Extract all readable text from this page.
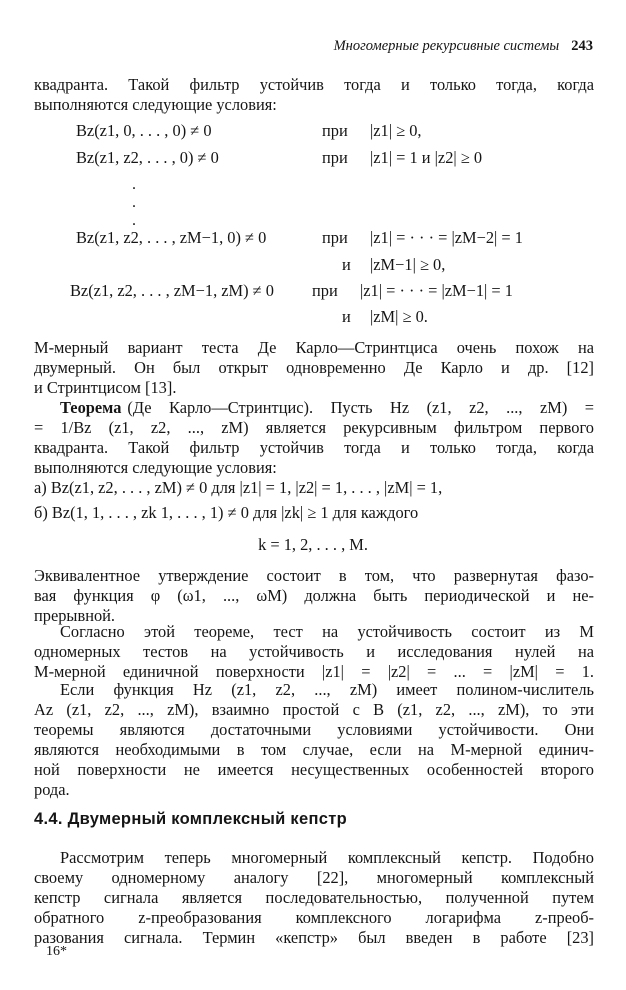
Многомерные рекурсивные системы 243
квадранта. Такой фильтр устойчив тогда и только тогда, когда
выполняются следующие условия:
Bz(z1, 0, . . . , 0) ≠ 0	при |z1| ≥ 0,
Bz(z1, z2, . . . , 0) ≠ 0	при |z1| = 1 и |z2| ≥ 0
.
.
.
Bz(z1, z2, . . . , zM−1, 0) ≠ 0	при |z1| = · · · = |zM−2| = 1
и |zM−1| ≥ 0,
Bz(z1, z2, . . . , zM−1, zM) ≠ 0 при |z1| = · · · = |zM−1| = 1
и |zM| ≥ 0.
M-мерный вариант теста Де Карло—Стринтциса очень похож на
двумерный. Он был открыт одновременно Де Карло и др. [12]
и Стринтцисом [13].
Теорема (Де Карло—Стринтцис). Пусть Hz (z1, z2, ..., zM) =
= 1/Bz (z1, z2, ..., zM) является рекурсивным фильтром первого
квадранта. Такой фильтр устойчив тогда и только тогда, когда
выполняются следующие условия:
а) Bz(z1, z2, . . . , zM) ≠ 0 для |z1| = 1, |z2| = 1, . . . , |zM| = 1,
б) Bz(1, 1, . . . , zk 1, . . . , 1) ≠ 0 для |zk| ≥ 1 для каждого
k = 1, 2, . . . , M.
Эквивалентное утверждение состоит в том, что развернутая фазо-
вая функция φ (ω1, ..., ωM) должна быть периодической и не-
прерывной.
Согласно этой теореме, тест на устойчивость состоит из M
одномерных тестов на устойчивость и исследования нулей на
M-мерной единичной поверхности |z1| = |z2| = ... = |zM| = 1.
Если функция Hz (z1, z2, ..., zM) имеет полином-числитель
Az (z1, z2, ..., zM), взаимно простой с B (z1, z2, ..., zM), то эти
теоремы являются достаточными условиями устойчивости. Они
являются необходимыми в том случае, если на M-мерной единич-
ной поверхности не имеется несущественных особенностей второго
рода.
4.4. Двумерный комплексный кепстр
Рассмотрим теперь многомерный комплексный кепстр. Подобно
своему одномерному аналогу [22], многомерный комплексный
кепстр сигнала является последовательностью, полученной путем
обратного z-преобразования комплексного логарифма z-преоб-
разования сигнала. Термин «кепстр» был введен в работе [23]
16*
